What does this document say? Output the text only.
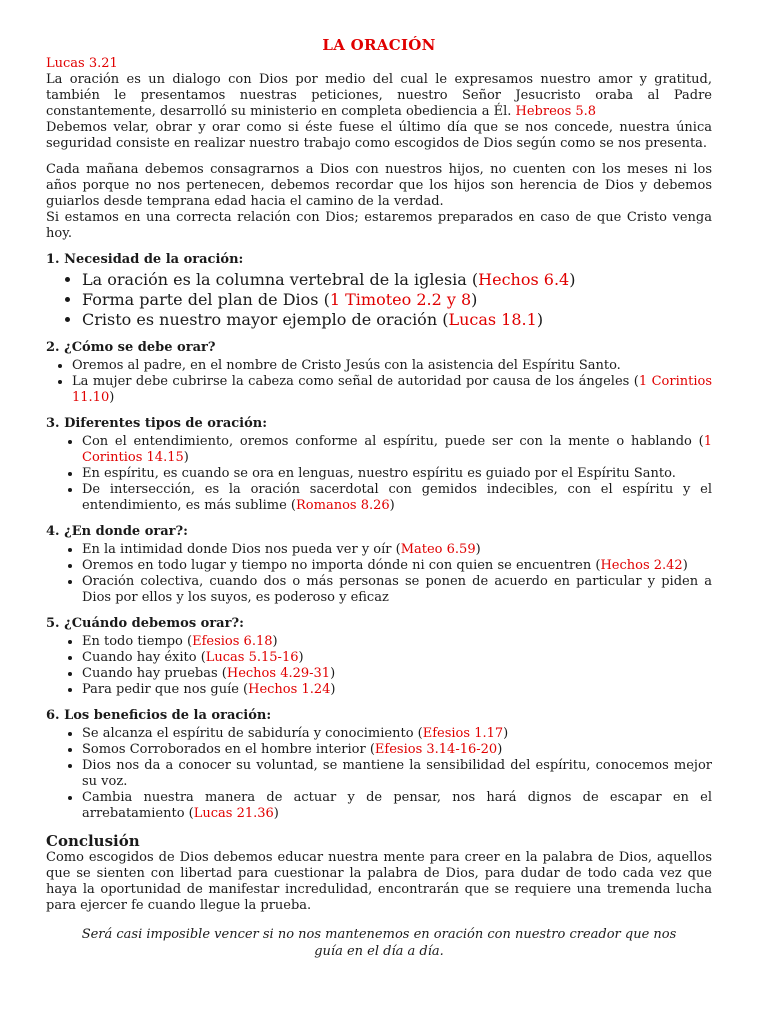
LA ORACIÓN

Lucas 3.21

La oración es un dialogo con Dios por medio del cual le expresamos nuestro amor y gratitud, también le presentamos nuestras peticiones, nuestro Señor Jesucristo oraba al Padre constantemente, desarrolló su ministerio en completa obediencia a Él. Hebreos 5.8

Debemos velar, obrar y orar como si éste fuese el último día que se nos concede, nuestra única seguridad consiste en realizar nuestro trabajo como escogidos de Dios según como se nos presenta.

Cada mañana debemos consagrarnos a Dios con nuestros hijos, no cuenten con los meses ni los años porque no nos pertenecen, debemos recordar que los hijos son herencia de Dios y debemos guiarlos desde temprana edad hacia el camino de la verdad.

Si estamos en una correcta relación con Dios; estaremos preparados en caso de que Cristo venga hoy.

1. Necesidad de la oración:
• La oración es la columna vertebral de la iglesia (Hechos 6.4)
• Forma parte del plan de Dios (1 Timoteo 2.2 y 8)
• Cristo es nuestro mayor ejemplo de oración (Lucas 18.1)
2. ¿Cómo se debe orar?
• Oremos al padre, en el nombre de Cristo Jesús con la asistencia del Espíritu Santo.
• La mujer debe cubrirse la cabeza como señal de autoridad por causa de los ángeles (1 Corintios 11.10)
3. Diferentes tipos de oración:
• Con el entendimiento, oremos conforme al espíritu, puede ser con la mente o hablando (1 Corintios 14.15)
• En espíritu, es cuando se ora en lenguas, nuestro espíritu es guiado por el Espíritu Santo.
• De intersección, es la oración sacerdotal con gemidos indecibles, con el espíritu y el entendimiento, es más sublime (Romanos 8.26)
4. ¿En donde orar?:
• En la intimidad donde Dios nos pueda ver y oír (Mateo 6.59)
• Oremos en todo lugar y tiempo no importa dónde ni con quien se encuentren (Hechos 2.42)
• Oración colectiva, cuando dos o más personas se ponen de acuerdo en particular y piden a Dios por ellos y los suyos, es poderoso y eficaz
5. ¿Cuándo debemos orar?:
• En todo tiempo (Efesios 6.18)
• Cuando hay éxito (Lucas 5.15-16)
• Cuando hay pruebas (Hechos 4.29-31)
• Para pedir que nos guíe (Hechos 1.24)
6. Los beneficios de la oración:
• Se alcanza el espíritu de sabiduría y conocimiento (Efesios 1.17)
• Somos Corroborados en el hombre interior (Efesios 3.14-16-20)
• Dios nos da a conocer su voluntad, se mantiene la sensibilidad del espíritu, conocemos mejor su voz.
• Cambia nuestra manera de actuar y de pensar, nos hará dignos de escapar en el arrebatamiento (Lucas 21.36)
Conclusión

Como escogidos de Dios debemos educar nuestra mente para creer en la palabra de Dios, aquellos que se sienten con libertad para cuestionar la palabra de Dios, para dudar de todo cada vez que haya la oportunidad de manifestar incredulidad, encontrarán que se requiere una tremenda lucha para ejercer fe cuando llegue la prueba.

Será casi imposible vencer si no nos mantenemos en oración con nuestro creador que nos guía en el día a día.
